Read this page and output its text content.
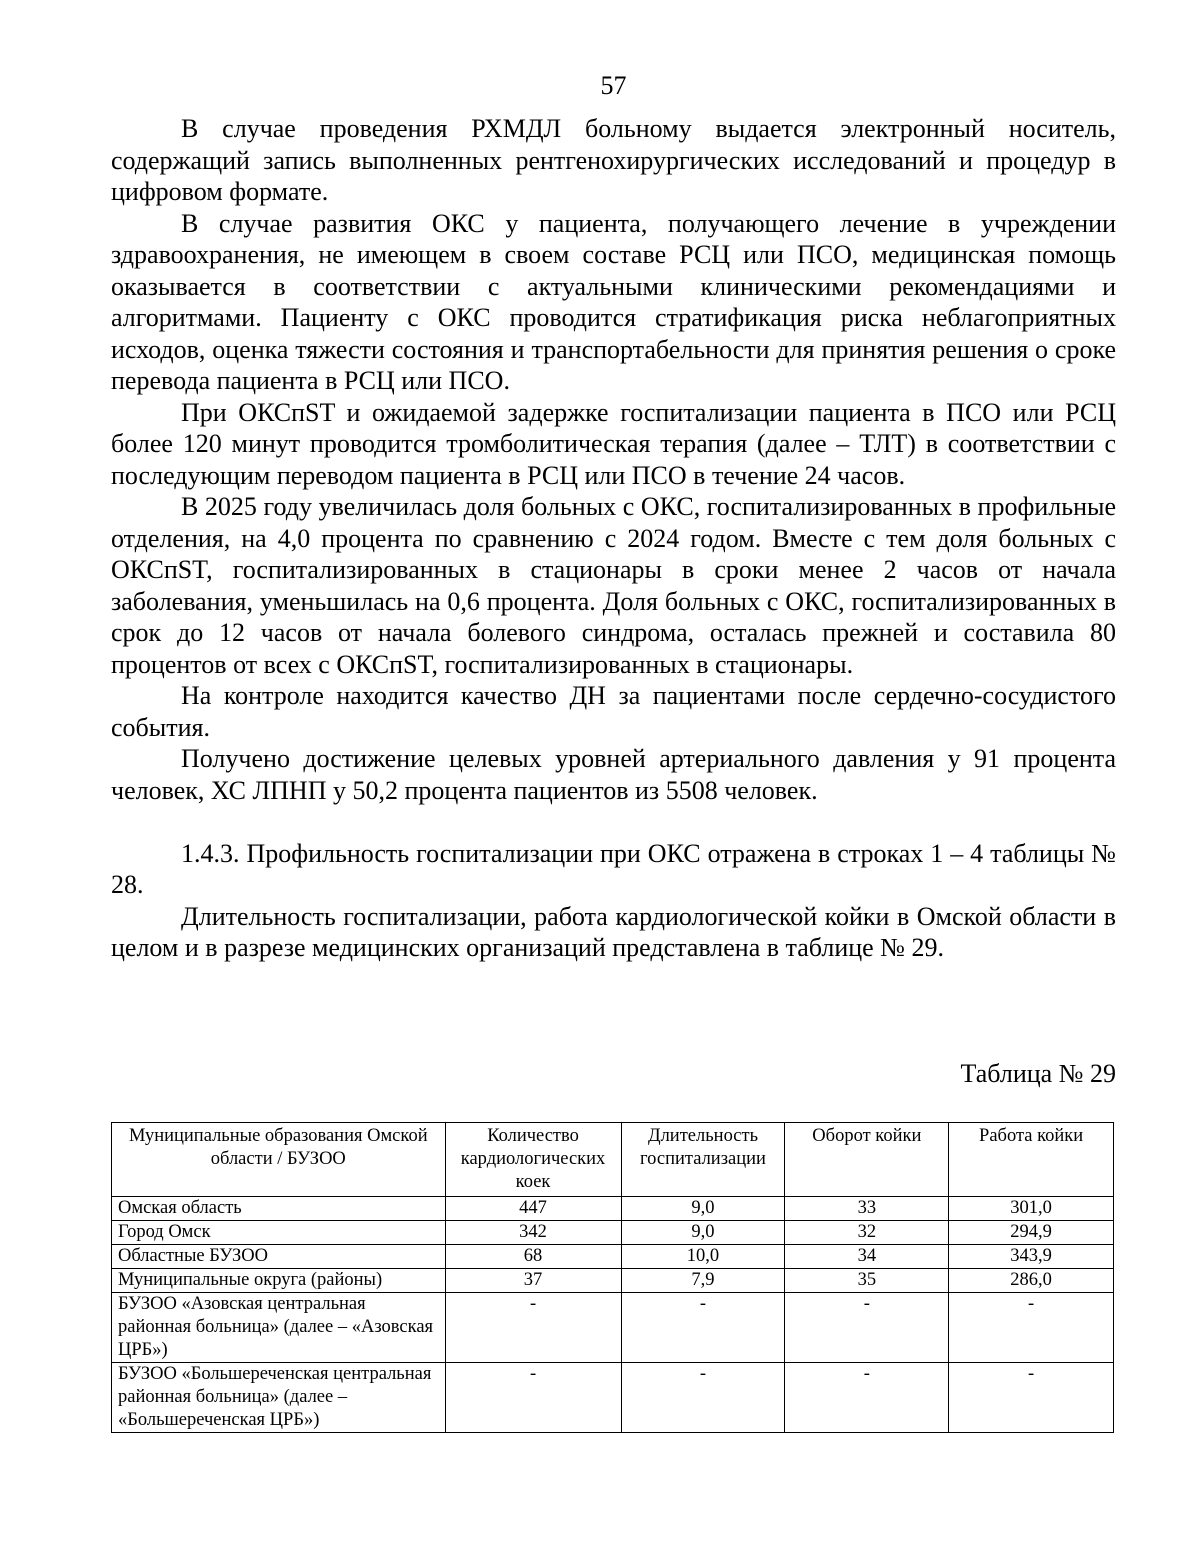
57

В случае проведения РХМДЛ больному выдается электронный носитель, содержащий запись выполненных рентгенохирургических исследований и процедур в цифровом формате.

В случае развития ОКС у пациента, получающего лечение в учреждении здравоохранения, не имеющем в своем составе РСЦ или ПСО, медицинская помощь оказывается в соответствии с актуальными клиническими рекомендациями и алгоритмами. Пациенту с ОКС проводится стратификация риска неблагоприятных исходов, оценка тяжести состояния и транспортабельности для принятия решения о сроке перевода пациента в РСЦ или ПСО.

При ОКСпST и ожидаемой задержке госпитализации пациента в ПСО или РСЦ более 120 минут проводится тромболитическая терапия (далее – ТЛТ) в соответствии с последующим переводом пациента в РСЦ или ПСО в течение 24 часов.

В 2025 году увеличилась доля больных с ОКС, госпитализированных в профильные отделения, на 4,0 процента по сравнению с 2024 годом. Вместе с тем доля больных с ОКСпST, госпитализированных в стационары в сроки менее 2 часов от начала заболевания, уменьшилась на 0,6 процента. Доля больных с ОКС, госпитализированных в срок до 12 часов от начала болевого синдрома, осталась прежней и составила 80 процентов от всех с ОКСпST, госпитализированных в стационары.

На контроле находится качество ДН за пациентами после сердечно-сосудистого события.

Получено достижение целевых уровней артериального давления у 91 процента человек, ХС ЛПНП у 50,2 процента пациентов из 5508 человек.

1.4.3. Профильность госпитализации при ОКС отражена в строках 1 – 4 таблицы № 28.

Длительность госпитализации, работа кардиологической койки в Омской области в целом и в разрезе медицинских организаций представлена в таблице № 29.

Таблица № 29
Муниципальные образования Омской области / БУЗОО	Количество кардиологических коек	Длительность госпитализации	Оборот койки	Работа койки
Омская область	447	9,0	33	301,0
Город Омск	342	9,0	32	294,9
Областные БУЗОО	68	10,0	34	343,9
Муниципальные округа (районы)	37	7,9	35	286,0
БУЗОО «Азовская центральная районная больница» (далее – «Азовская ЦРБ»)	-	-	-	-
БУЗОО «Большереченская центральная районная больница» (далее – «Большереченская ЦРБ»)	-	-	-	-
